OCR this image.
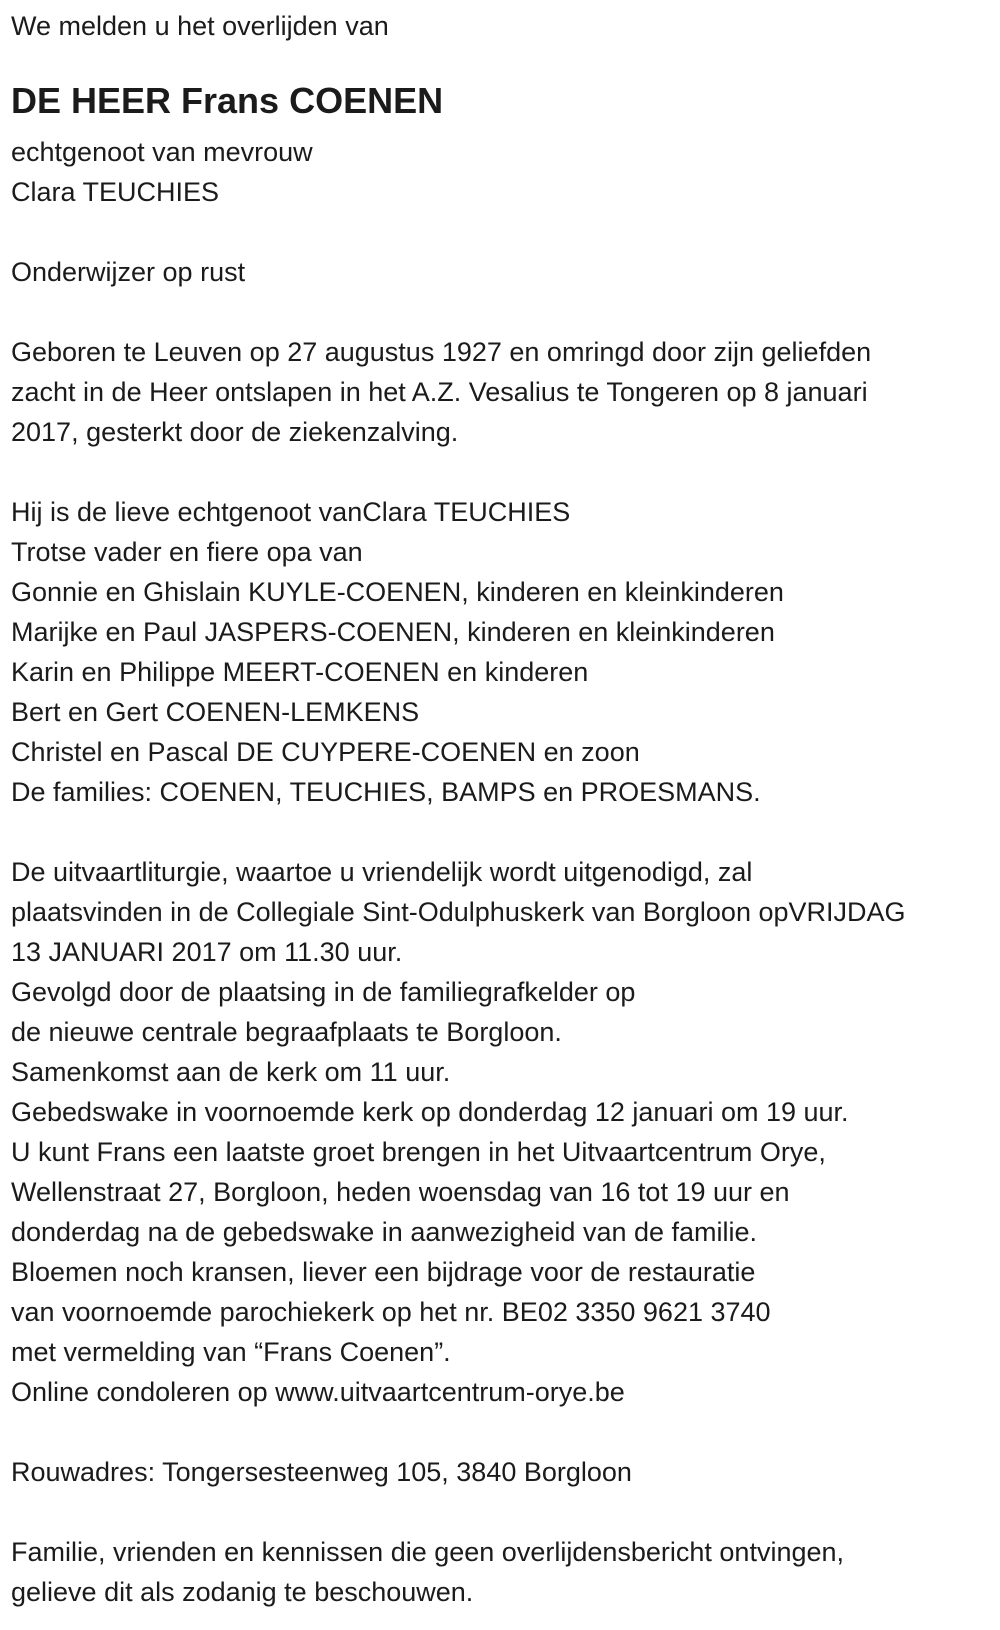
We melden u het overlijden van
DE HEER Frans COENEN
echtgenoot van mevrouw
Clara TEUCHIES
Onderwijzer op rust
Geboren te Leuven op 27 augustus 1927 en omringd door zijn geliefden
zacht in de Heer ontslapen in het A.Z. Vesalius te Tongeren op 8 januari
2017, gesterkt door de ziekenzalving.
Hij is de lieve echtgenoot vanClara TEUCHIES
Trotse vader en fiere opa van
Gonnie en Ghislain KUYLE-COENEN, kinderen en kleinkinderen
Marijke en Paul JASPERS-COENEN, kinderen en kleinkinderen
Karin en Philippe MEERT-COENEN en kinderen
Bert en Gert COENEN-LEMKENS
Christel en Pascal DE CUYPERE-COENEN en zoon
De families: COENEN, TEUCHIES, BAMPS en PROESMANS.
De uitvaartliturgie, waartoe u vriendelijk wordt uitgenodigd, zal
plaatsvinden in de Collegiale Sint-Odulphuskerk van Borgloon opVRIJDAG
13 JANUARI 2017 om 11.30 uur.
Gevolgd door de plaatsing in de familiegrafkelder op
de nieuwe centrale begraafplaats te Borgloon.
Samenkomst aan de kerk om 11 uur.
Gebedswake in voornoemde kerk op donderdag 12 januari om 19 uur.
U kunt Frans een laatste groet brengen in het Uitvaartcentrum Orye,
Wellenstraat 27, Borgloon, heden woensdag van 16 tot 19 uur en
donderdag na de gebedswake in aanwezigheid van de familie.
Bloemen noch kransen, liever een bijdrage voor de restauratie
van voornoemde parochiekerk op het nr. BE02 3350 9621 3740
met vermelding van “Frans Coenen”.
Online condoleren op www.uitvaartcentrum-orye.be
Rouwadres: Tongersesteenweg 105, 3840 Borgloon
Familie, vrienden en kennissen die geen overlijdensbericht ontvingen,
gelieve dit als zodanig te beschouwen.
